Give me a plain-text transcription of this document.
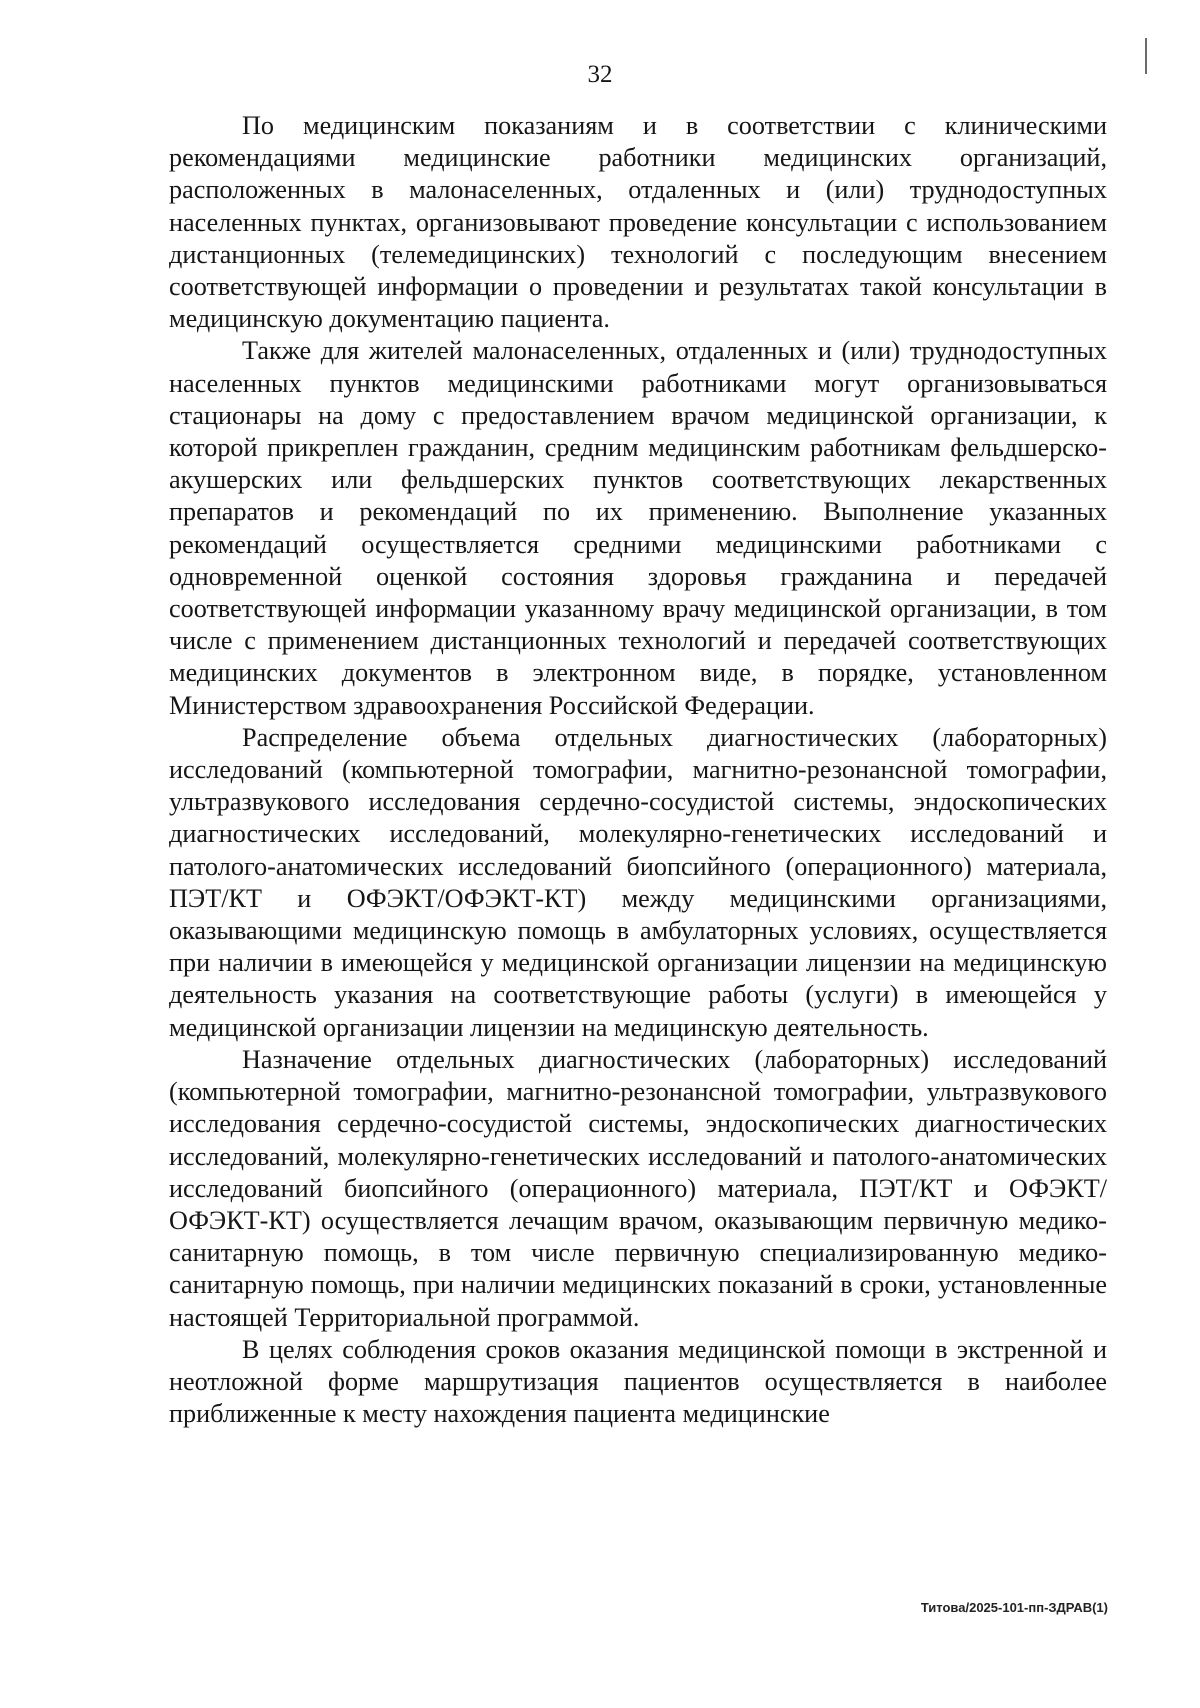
32

По медицинским показаниям и в соответствии с клиническими рекомендациями медицинские работники медицинских организаций, расположенных в малонаселенных, отдаленных и (или) труднодоступных населенных пунктах, организовывают проведение консультации с использованием дистанционных (телемедицинских) технологий с последующим внесением соответствующей информации о проведении и результатах такой консультации в медицинскую документацию пациента.

Также для жителей малонаселенных, отдаленных и (или) труднодоступных населенных пунктов медицинскими работниками могут организовываться стационары на дому с предоставлением врачом медицинской организации, к которой прикреплен гражданин, средним медицинским работникам фельдшерско-акушерских или фельдшерских пунктов соответствующих лекарственных препаратов и рекомендаций по их применению. Выполнение указанных рекомендаций осуществляется средними медицинскими работниками с одновременной оценкой состояния здоровья гражданина и передачей соответствующей информации указанному врачу медицинской организации, в том числе с применением дистанционных технологий и передачей соответствующих медицинских документов в электронном виде, в порядке, установленном Министерством здравоохранения Российской Федерации.

Распределение объема отдельных диагностических (лабораторных) исследований (компьютерной томографии, магнитно-резонансной томографии, ультразвукового исследования сердечно-сосудистой системы, эндоскопических диагностических исследований, молекулярно-генетических исследований и патолого-анатомических исследований биопсийного (операционного) материала, ПЭТ/КТ и ОФЭКТ/ОФЭКТ-КТ) между медицинскими организациями, оказывающими медицинскую помощь в амбулаторных условиях, осуществляется при наличии в имеющейся у медицинской организации лицензии на медицинскую деятельность указания на соответствующие работы (услуги) в имеющейся у медицинской организации лицензии на медицинскую деятельность.

Назначение отдельных диагностических (лабораторных) исследований (компьютерной томографии, магнитно-резонансной томографии, ультразвукового исследования сердечно-сосудистой системы, эндоскопических диагностических исследований, молекулярно-генетических исследований и патолого-анатомических исследований биопсийного (операционного) материала, ПЭТ/КТ и ОФЭКТ/ОФЭКТ-КТ) осуществляется лечащим врачом, оказывающим первичную медико-санитарную помощь, в том числе первичную специализированную медико-санитарную помощь, при наличии медицинских показаний в сроки, установленные настоящей Территориальной программой.

В целях соблюдения сроков оказания медицинской помощи в экстренной и неотложной форме маршрутизация пациентов осуществляется в наиболее приближенные к месту нахождения пациента медицинские

Титова/2025-101-пп-ЗДРАВ(1)
